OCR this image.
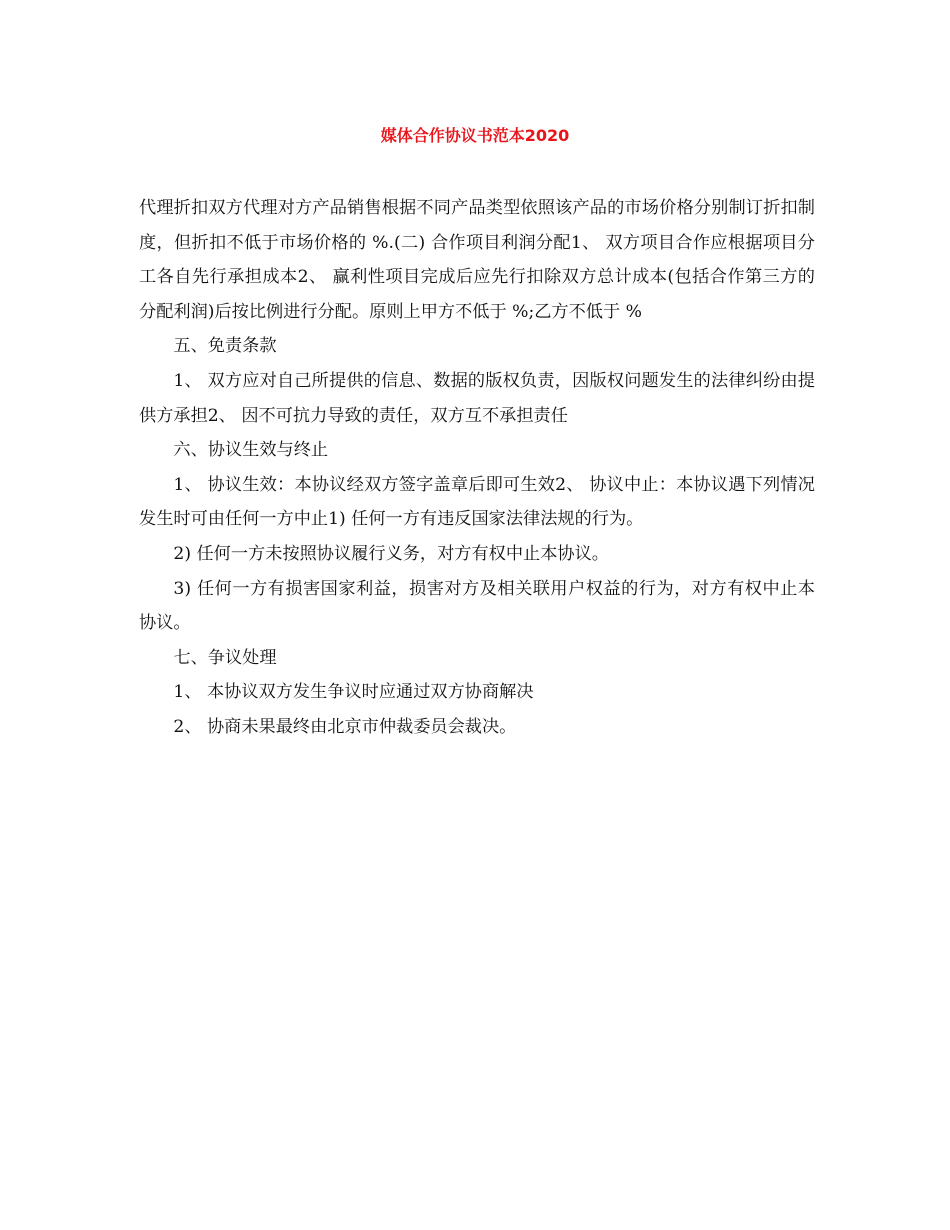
媒体合作协议书范本2020

代理折扣双方代理对方产品销售根据不同产品类型依照该产品的市场价格分别制订折扣制度，但折扣不低于市场价格的 %.(二) 合作项目利润分配1、 双方项目合作应根据项目分工各自先行承担成本2、 赢利性项目完成后应先行扣除双方总计成本(包括合作第三方的分配利润)后按比例进行分配。原则上甲方不低于 %;乙方不低于 %

五、免责条款

1、 双方应对自己所提供的信息、数据的版权负责，因版权问题发生的法律纠纷由提供方承担2、 因不可抗力导致的责任，双方互不承担责任

六、协议生效与终止

1、 协议生效：本协议经双方签字盖章后即可生效2、 协议中止：本协议遇下列情况发生时可由任何一方中止1) 任何一方有违反国家法律法规的行为。

2) 任何一方未按照协议履行义务，对方有权中止本协议。

3) 任何一方有损害国家利益，损害对方及相关联用户权益的行为，对方有权中止本协议。

七、争议处理

1、 本协议双方发生争议时应通过双方协商解决

2、 协商未果最终由北京市仲裁委员会裁决。
